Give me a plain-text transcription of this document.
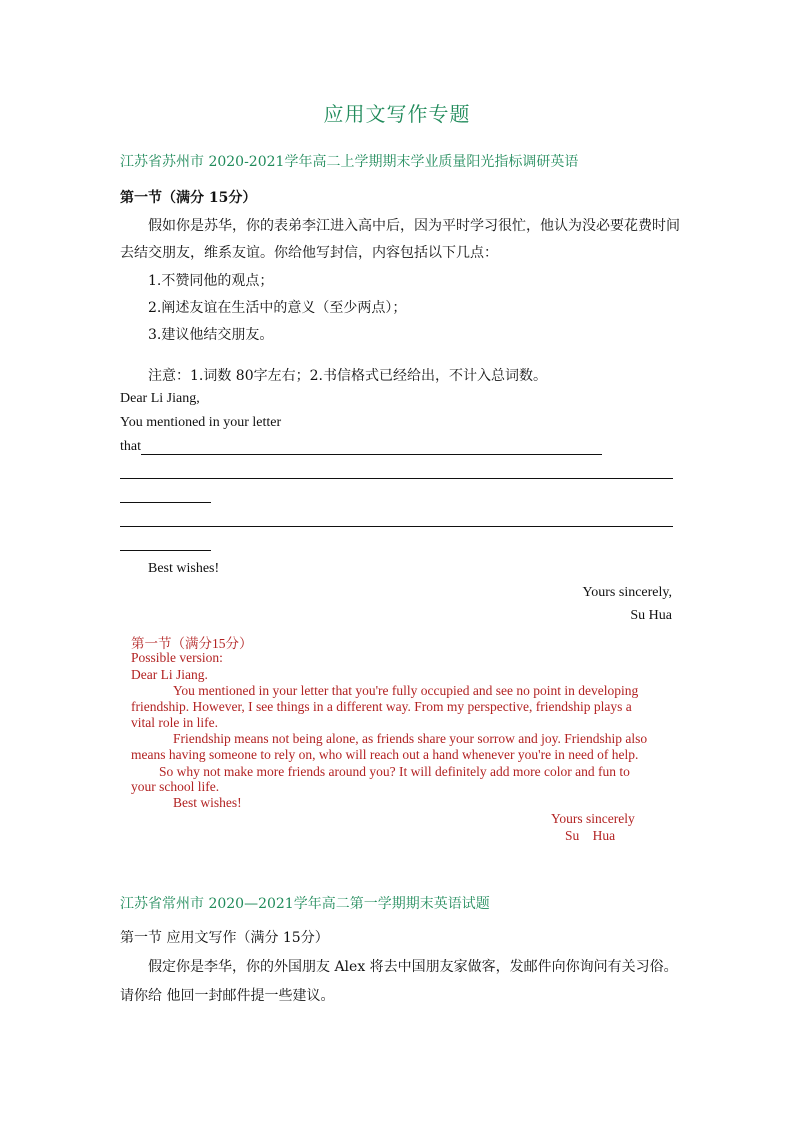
应用文写作专题
江苏省苏州市 2020-2021学年高二上学期期末学业质量阳光指标调研英语
第一节（满分 15分）
假如你是苏华，你的表弟李江进入高中后，因为平时学习很忙，他认为没必要花费时间
去结交朋友，维系友谊。你给他写封信，内容包括以下几点：
1.不赞同他的观点；
2.阐述友谊在生活中的意义（至少两点）；
3.建议他结交朋友。
注意：1.词数 80字左右；2.书信格式已经给出，不计入总词数。
Dear Li Jiang,
You mentioned in your letter
that
Best wishes!
Yours sincerely,
Su Hua
第一节（满分15分）
Possible version:
Dear Li Jiang.
You mentioned in your letter that you're fully occupied and see no point in developing
friendship. However, I see things in a different way. From my perspective, friendship plays a
vital role in life.
Friendship means not being alone, as friends share your sorrow and joy. Friendship also
means having someone to rely on, who will reach out a hand whenever you're in need of help.
So why not make more friends around you? It will definitely add more color and fun to
your school life.
Best wishes!
Yours sincerely
Su Hua
江苏省常州市 2020—2021学年高二第一学期期末英语试题
第一节 应用文写作（满分 15分）
假定你是李华，你的外国朋友 Alex 将去中国朋友家做客，发邮件向你询问有关习俗。
请你给 他回一封邮件提一些建议。
